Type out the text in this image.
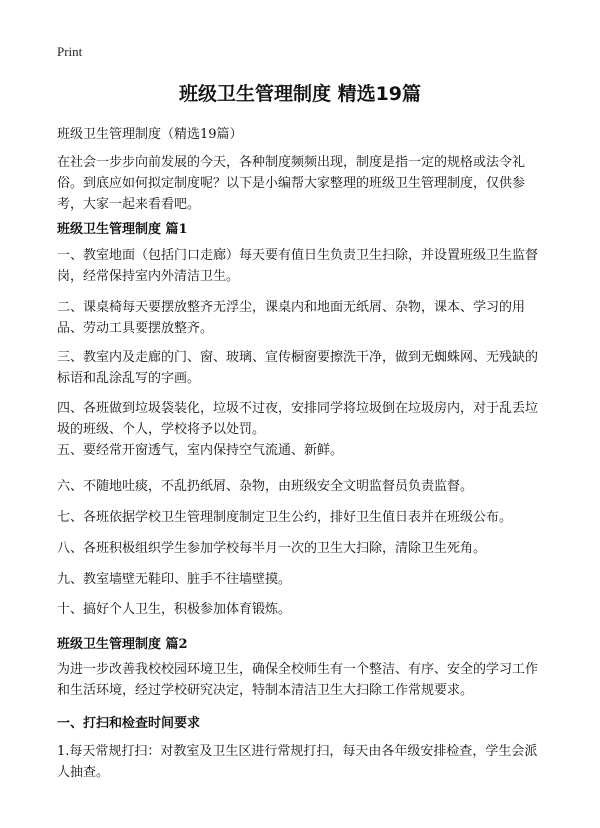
Print
班级卫生管理制度 精选19篇

班级卫生管理制度（精选19篇）

在社会一步步向前发展的今天，各种制度频频出现，制度是指一定的规格或法令礼俗。到底应如何拟定制度呢？以下是小编帮大家整理的班级卫生管理制度，仅供参考，大家一起来看看吧。

班级卫生管理制度 篇1

一、教室地面（包括门口走廊）每天要有值日生负责卫生扫除，并设置班级卫生监督岗，经常保持室内外清洁卫生。

二、课桌椅每天要摆放整齐无浮尘，课桌内和地面无纸屑、杂物，课本、学习的用品、劳动工具要摆放整齐。

三、教室内及走廊的门、窗、玻璃、宣传橱窗要擦洗干净，做到无蜘蛛网、无残缺的标语和乱涂乱写的字画。

四、各班做到垃圾袋装化，垃圾不过夜，安排同学将垃圾倒在垃圾房内，对于乱丢垃圾的班级、个人，学校将予以处罚。

五、要经常开窗透气，室内保持空气流通、新鲜。

六、不随地吐痰，不乱扔纸屑、杂物，由班级安全文明监督员负责监督。

七、各班依据学校卫生管理制度制定卫生公约，排好卫生值日表并在班级公布。

八、各班积极组织学生参加学校每半月一次的卫生大扫除，清除卫生死角。

九、教室墙壁无鞋印、脏手不往墙壁摸。

十、搞好个人卫生，积极参加体育锻炼。

班级卫生管理制度 篇2

为进一步改善我校校园环境卫生，确保全校师生有一个整洁、有序、安全的学习工作和生活环境，经过学校研究决定，特制本清洁卫生大扫除工作常规要求。

一、打扫和检查时间要求

1.每天常规打扫：对教室及卫生区进行常规打扫，每天由各年级安排检查，学生会派人抽查。
